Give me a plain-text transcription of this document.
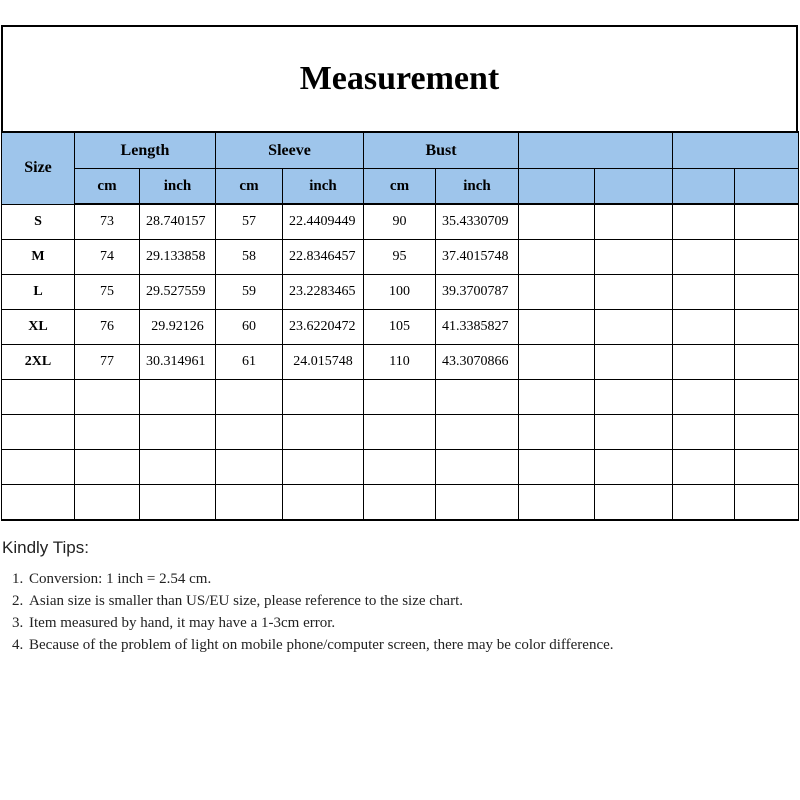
Measurement
Size	Length		Sleeve		Bust					
	cm	inch	cm	inch	cm	inch				
S	73	28.740157	57	22.4409449	90	35.4330709				
M	74	29.133858	58	22.8346457	95	37.4015748				
L	75	29.527559	59	23.2283465	100	39.3700787				
XL	76	29.92126	60	23.6220472	105	41.3385827				
2XL	77	30.314961	61	24.015748	110	43.3070866				

Kindly Tips:

1. Conversion: 1 inch = 2.54 cm.
2. Asian size is smaller than US/EU size, please reference to the size chart.
3. Item measured by hand, it may have a 1-3cm error.
4. Because of the problem of light on mobile phone/computer screen, there may be color difference.
